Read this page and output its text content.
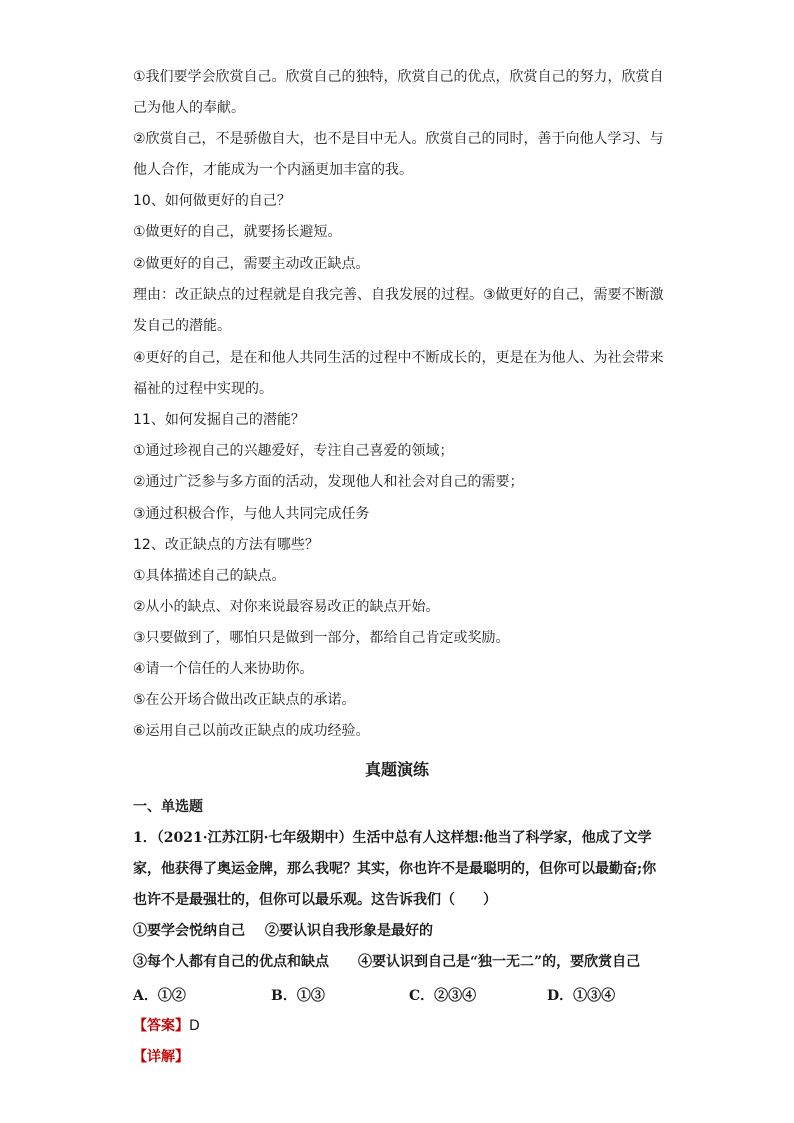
①我们要学会欣赏自己。欣赏自己的独特，欣赏自己的优点，欣赏自己的努力，欣赏自
己为他人的奉献。
②欣赏自己，不是骄傲自大，也不是目中无人。欣赏自己的同时，善于向他人学习、与
他人合作，才能成为一个内涵更加丰富的我。
10、如何做更好的自己？
①做更好的自己，就要扬长避短。
②做更好的自己，需要主动改正缺点。
理由：改正缺点的过程就是自我完善、自我发展的过程。③做更好的自己，需要不断激
发自己的潜能。
④更好的自己，是在和他人共同生活的过程中不断成长的，更是在为他人、为社会带来
福祉的过程中实现的。
11、如何发掘自己的潜能？
①通过珍视自己的兴趣爱好，专注自己喜爱的领域；
②通过广泛参与多方面的活动，发现他人和社会对自己的需要；
③通过积极合作，与他人共同完成任务
12、改正缺点的方法有哪些？
①具体描述自己的缺点。
②从小的缺点、对你来说最容易改正的缺点开始。
③只要做到了，哪怕只是做到一部分，都给自己肯定或奖励。
④请一个信任的人来协助你。
⑤在公开场合做出改正缺点的承诺。
⑥运用自己以前改正缺点的成功经验。
真题演练
一、单选题
1．（2021·江苏江阴·七年级期中）生活中总有人这样想:他当了科学家，他成了文学
家，他获得了奥运金牌，那么我呢？其实，你也许不是最聪明的，但你可以最勤奋;你
也许不是最强壮的，但你可以最乐观。这告诉我们（　　）
①要学会悦纳自己 ②要认识自我形象是最好的
③每个人都有自己的优点和缺点 ④要认识到自己是“独一无二”的，要欣赏自己
A．①②	B．①③	C．②③④	D．①③④
【答案】D
【详解】
